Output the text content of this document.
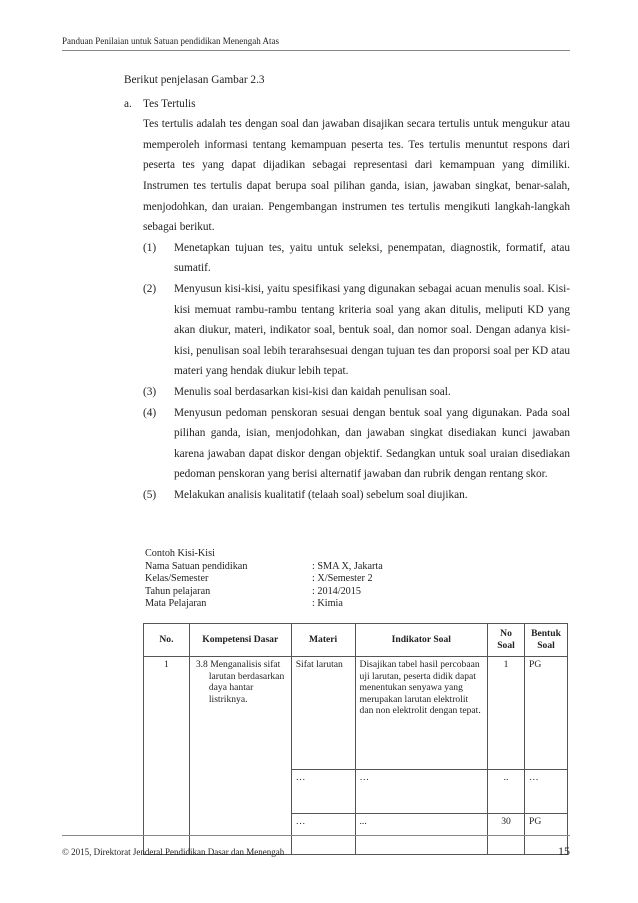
Panduan Penilaian untuk Satuan pendidikan Menengah Atas

Berikut penjelasan Gambar 2.3

a. Tes Tertulis

Tes tertulis adalah tes dengan soal dan jawaban disajikan secara tertulis untuk mengukur atau memperoleh informasi tentang kemampuan peserta tes. Tes tertulis menuntut respons dari peserta tes yang dapat dijadikan sebagai representasi dari kemampuan yang dimiliki. Instrumen tes tertulis dapat berupa soal pilihan ganda, isian, jawaban singkat, benar-salah, menjodohkan, dan uraian. Pengembangan instrumen tes tertulis mengikuti langkah-langkah sebagai berikut.

(1)	Menetapkan tujuan tes, yaitu untuk seleksi, penempatan, diagnostik, formatif, atau sumatif.
(2)	Menyusun kisi-kisi, yaitu spesifikasi yang digunakan sebagai acuan menulis soal. Kisi-kisi memuat rambu-rambu tentang kriteria soal yang akan ditulis, meliputi KD yang akan diukur, materi, indikator soal, bentuk soal, dan nomor soal. Dengan adanya kisi-kisi, penulisan soal lebih terarahsesuai dengan tujuan tes dan proporsi soal per KD atau materi yang hendak diukur lebih tepat.
(3)	Menulis soal berdasarkan kisi-kisi dan kaidah penulisan soal.
(4)	Menyusun pedoman penskoran sesuai dengan bentuk soal yang digunakan. Pada soal pilihan ganda, isian, menjodohkan, dan jawaban singkat disediakan kunci jawaban karena jawaban dapat diskor dengan objektif. Sedangkan untuk soal uraian disediakan pedoman penskoran yang berisi alternatif jawaban dan rubrik dengan rentang skor.
(5)	Melakukan analisis kualitatif (telaah soal) sebelum soal diujikan.
Contoh Kisi-Kisi
Nama Satuan pendidikan	: SMA X, Jakarta
Kelas/Semester	: X/Semester 2
Tahun pelajaran	: 2014/2015
Mata Pelajaran	: Kimia
No.	Kompetensi Dasar	Materi	Indikator Soal	No Soal	Bentuk Soal
1	3.8 Menganalisis sifat larutan berdasarkan daya hantar listriknya.	Sifat larutan	Disajikan tabel hasil percobaan uji larutan, peserta didik dapat menentukan senyawa yang merupakan larutan elektrolit dan non elektrolit dengan tepat.	1	PG
		…	…	..	…
		…	...	30	PG
© 2015, Direktorat Jenderal Pendidikan Dasar dan Menengah	15
